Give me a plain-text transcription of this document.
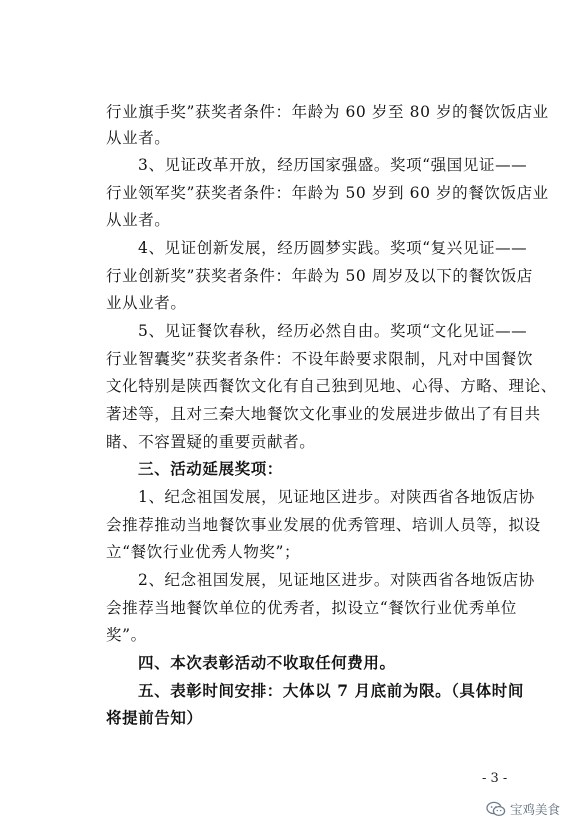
行业旗手奖”获奖者条件：年龄为 60 岁至 80 岁的餐饮饭店业
从业者。
3、见证改革开放，经历国家强盛。奖项“强国见证——
行业领军奖”获奖者条件：年龄为 50 岁到 60 岁的餐饮饭店业
从业者。
4、见证创新发展，经历圆梦实践。奖项“复兴见证——
行业创新奖”获奖者条件：年龄为 50 周岁及以下的餐饮饭店
业从业者。
5、见证餐饮春秋，经历必然自由。奖项“文化见证——
行业智囊奖”获奖者条件：不设年龄要求限制，凡对中国餐饮
文化特别是陕西餐饮文化有自己独到见地、心得、方略、理论、
著述等，且对三秦大地餐饮文化事业的发展进步做出了有目共
睹、不容置疑的重要贡献者。
三、活动延展奖项：
1、纪念祖国发展，见证地区进步。对陕西省各地饭店协
会推荐推动当地餐饮事业发展的优秀管理、培训人员等，拟设
立“餐饮行业优秀人物奖”；
2、纪念祖国发展，见证地区进步。对陕西省各地饭店协
会推荐当地餐饮单位的优秀者，拟设立“餐饮行业优秀单位
奖”。
四、本次表彰活动不收取任何费用。
五、表彰时间安排：大体以 7 月底前为限。（具体时间
将提前告知）
- 3 -
宝鸡美食
